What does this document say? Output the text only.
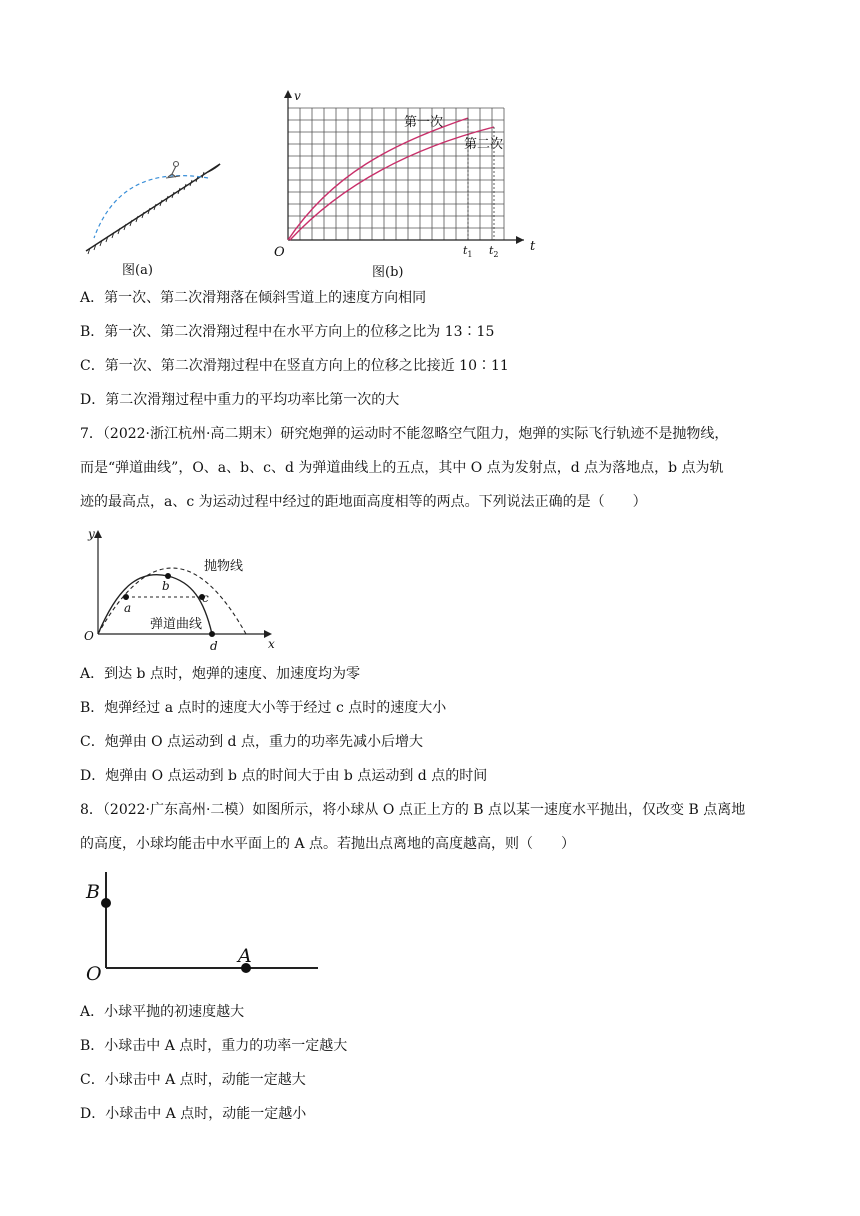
图(a)
v
t
O
第一次
第二次
$t_1$ $t_2$
图(b)
A．第一次、第二次滑翔落在倾斜雪道上的速度方向相同
B．第一次、第二次滑翔过程中在水平方向上的位移之比为 13∶15
C．第一次、第二次滑翔过程中在竖直方向上的位移之比接近 10∶11
D．第二次滑翔过程中重力的平均功率比第一次的大
7．（2022·浙江杭州·高二期末）研究炮弹的运动时不能忽略空气阻力，炮弹的实际飞行轨迹不是抛物线，
而是“弹道曲线”，O、a、b、c、d 为弹道曲线上的五点，其中 O 点为发射点，d 点为落地点，b 点为轨
迹的最高点，a、c 为运动过程中经过的距地面高度相等的两点。下列说法正确的是（　　）
y
x
O
a
b
c
d
抛物线
弹道曲线
A．到达 b 点时，炮弹的速度、加速度均为零
B．炮弹经过 a 点时的速度大小等于经过 c 点时的速度大小
C．炮弹由 O 点运动到 d 点，重力的功率先减小后增大
D．炮弹由 O 点运动到 b 点的时间大于由 b 点运动到 d 点的时间
8．（2022·广东高州·二模）如图所示，将小球从 O 点正上方的 B 点以某一速度水平抛出，仅改变 B 点离地
的高度，小球均能击中水平面上的 A 点。若抛出点离地的高度越高，则（　　）
B
O
A
A．小球平抛的初速度越大
B．小球击中 A 点时，重力的功率一定越大
C．小球击中 A 点时，动能一定越大
D．小球击中 A 点时，动能一定越小
